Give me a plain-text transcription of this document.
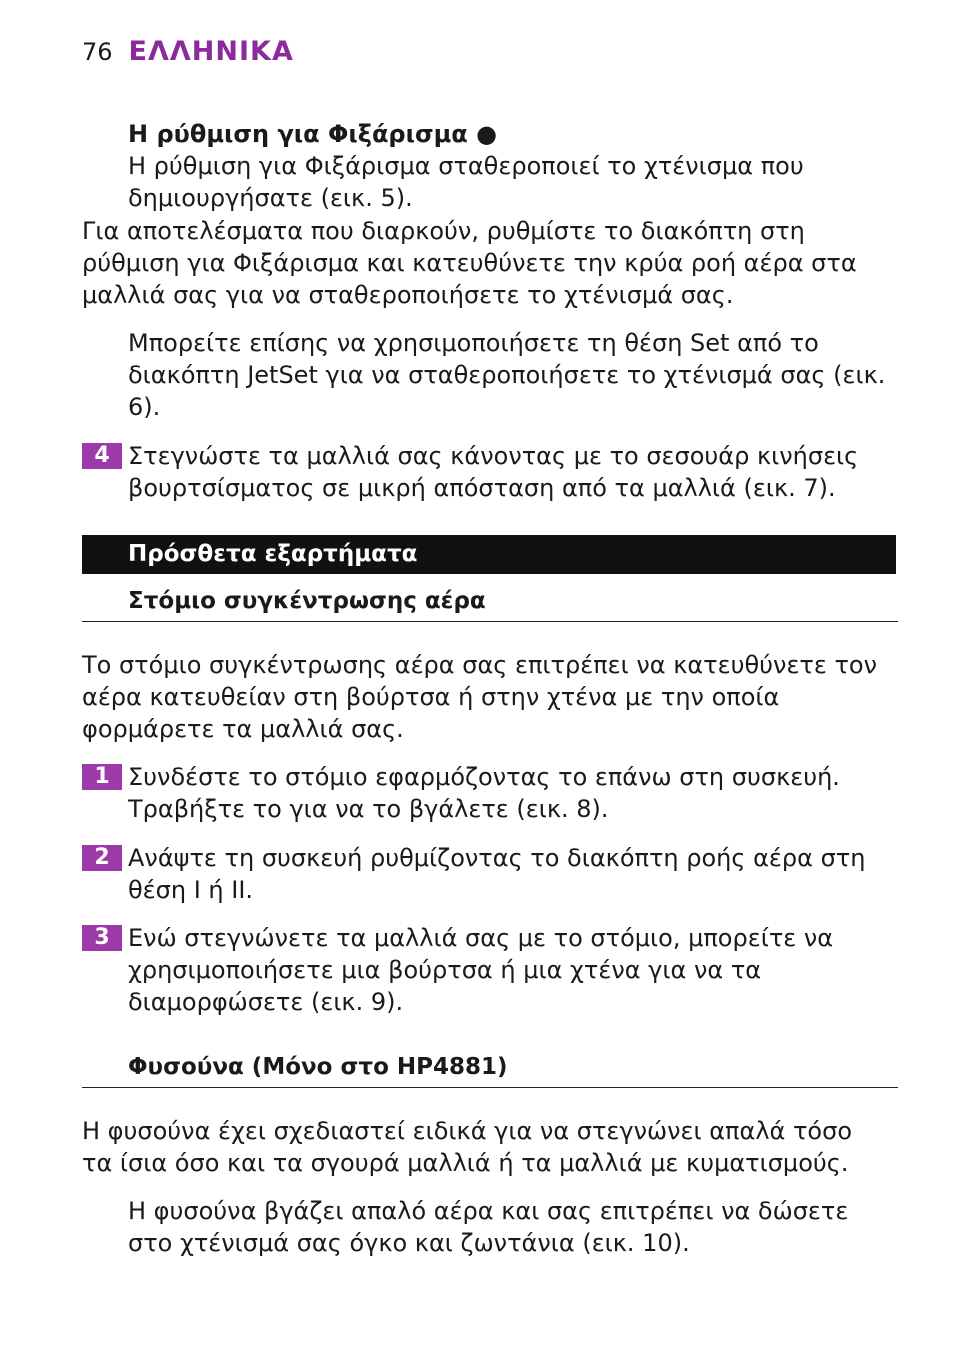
76 ΕΛΛΗΝΙΚΑ
Η ρύθμιση για Φιξάρισμα ●
Η ρύθμιση για Φιξάρισμα σταθεροποιεί το χτένισμα που
δημιουργήσατε (εικ. 5).
Για αποτελέσματα που διαρκούν, ρυθμίστε το διακόπτη στη ρύθμιση για Φιξάρισμα και κατευθύνετε την κρύα ροή αέρα στα μαλλιά σας για να σταθεροποιήσετε το χτένισμά σας.
Μπορείτε επίσης να χρησιμοποιήσετε τη θέση Set από το διακόπτη JetSet για να σταθεροποιήσετε το χτένισμά σας (εικ. 6).
4 Στεγνώστε τα μαλλιά σας κάνοντας με το σεσουάρ κινήσεις βουρτσίσματος σε μικρή απόσταση από τα μαλλιά (εικ. 7).
Πρόσθετα εξαρτήματα
Στόμιο συγκέντρωσης αέρα
Το στόμιο συγκέντρωσης αέρα σας επιτρέπει να κατευθύνετε τον αέρα κατευθείαν στη βούρτσα ή στην χτένα με την οποία φορμάρετε τα μαλλιά σας.
1 Συνδέστε το στόμιο εφαρμόζοντας το επάνω στη συσκευή. Τραβήξτε το για να το βγάλετε (εικ. 8).
2 Ανάψτε τη συσκευή ρυθμίζοντας το διακόπτη ροής αέρα στη θέση I ή II.
3 Ενώ στεγνώνετε τα μαλλιά σας με το στόμιο, μπορείτε να χρησιμοποιήσετε μια βούρτσα ή μια χτένα για να τα διαμορφώσετε (εικ. 9).
Φυσούνα (Μόνο στο HP4881)
Η φυσούνα έχει σχεδιαστεί ειδικά για να στεγνώνει απαλά τόσο τα ίσια όσο και τα σγουρά μαλλιά ή τα μαλλιά με κυματισμούς.
Η φυσούνα βγάζει απαλό αέρα και σας επιτρέπει να δώσετε στο χτένισμά σας όγκο και ζωντάνια (εικ. 10).
